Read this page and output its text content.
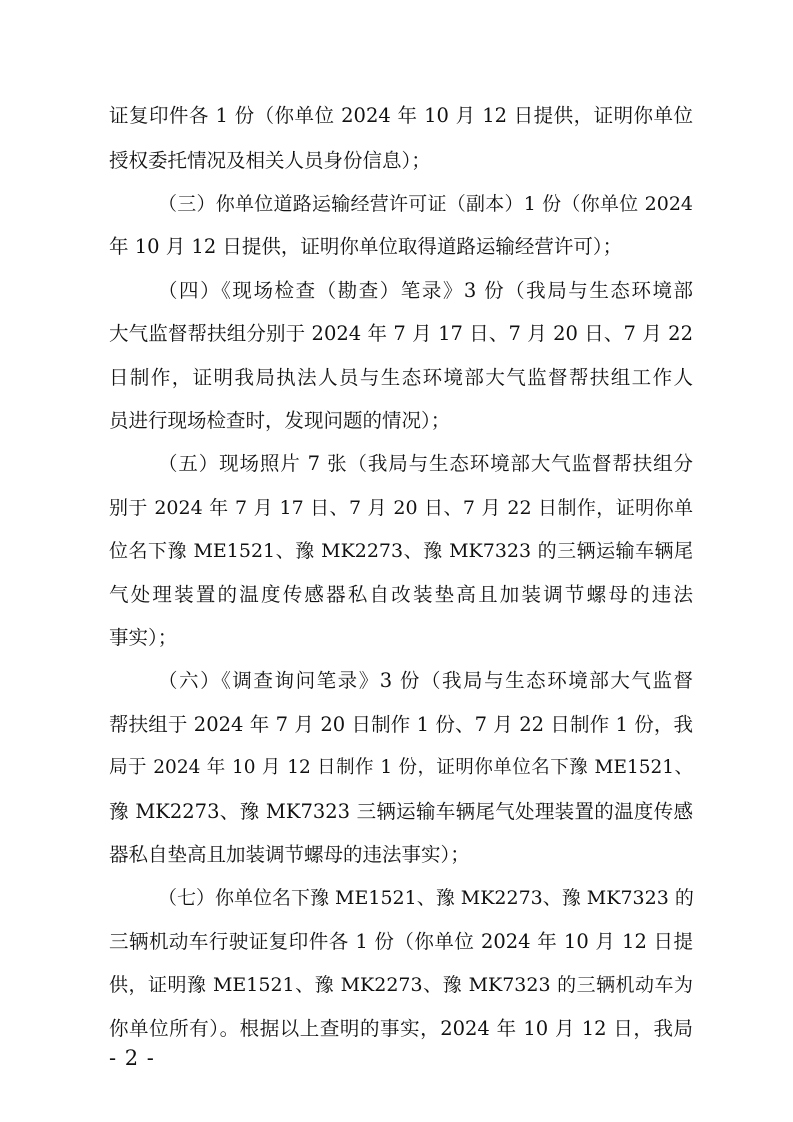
证复印件各 1 份（你单位 2024 年 10 月 12 日提供，证明你单位
授权委托情况及相关人员身份信息）；
（三）你单位道路运输经营许可证（副本）1 份（你单位 2024
年 10 月 12 日提供，证明你单位取得道路运输经营许可）；
（四）《现场检查（勘查）笔录》3 份（我局与生态环境部
大气监督帮扶组分别于 2024 年 7 月 17 日、7 月 20 日、7 月 22
日制作，证明我局执法人员与生态环境部大气监督帮扶组工作人
员进行现场检查时，发现问题的情况）；
（五）现场照片 7 张（我局与生态环境部大气监督帮扶组分
别于 2024 年 7 月 17 日、7 月 20 日、7 月 22 日制作，证明你单
位名下豫 ME1521、豫 MK2273、豫 MK7323 的三辆运输车辆尾
气处理装置的温度传感器私自改装垫高且加装调节螺母的违法
事实）；
（六）《调查询问笔录》3 份（我局与生态环境部大气监督
帮扶组于 2024 年 7 月 20 日制作 1 份、7 月 22 日制作 1 份，我
局于 2024 年 10 月 12 日制作 1 份，证明你单位名下豫 ME1521、
豫 MK2273、豫 MK7323 三辆运输车辆尾气处理装置的温度传感
器私自垫高且加装调节螺母的违法事实）；
（七）你单位名下豫 ME1521、豫 MK2273、豫 MK7323 的
三辆机动车行驶证复印件各 1 份（你单位 2024 年 10 月 12 日提
供，证明豫 ME1521、豫 MK2273、豫 MK7323 的三辆机动车为
你单位所有）。根据以上查明的事实，2024 年 10 月 12 日，我局
- 2 -
